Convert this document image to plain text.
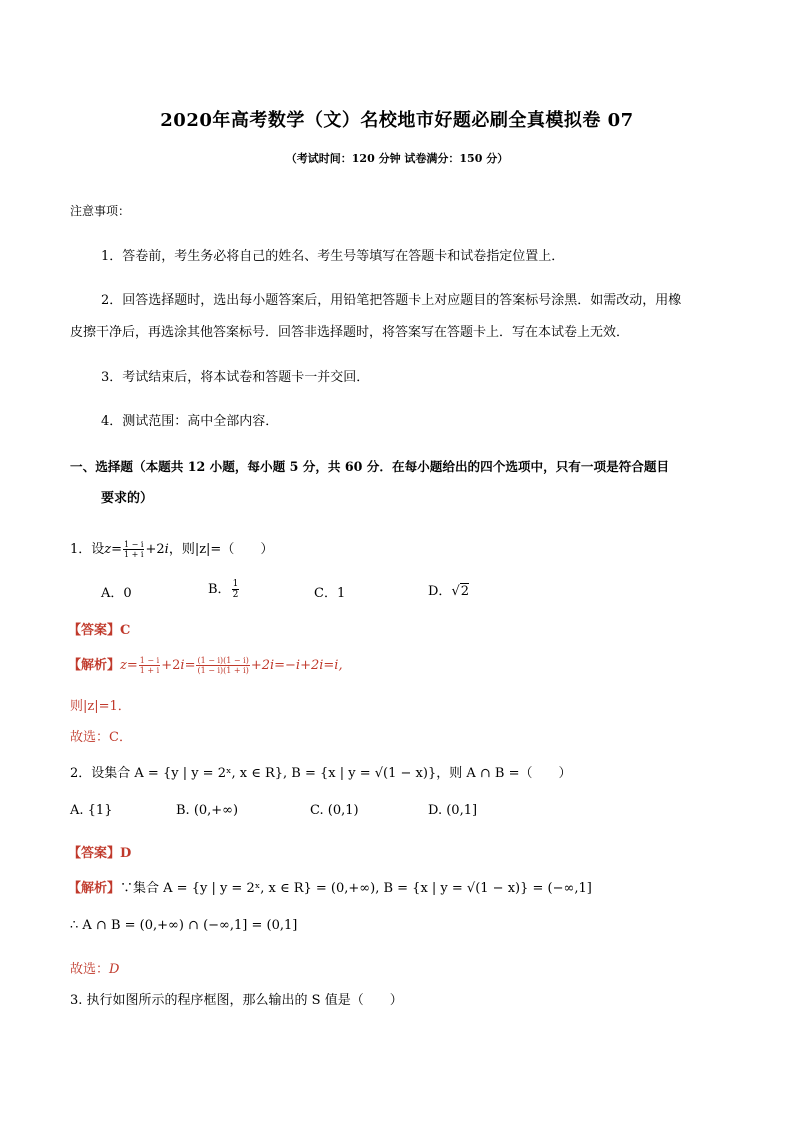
2020年高考数学（文）名校地市好题必刷全真模拟卷 07
（考试时间：120 分钟 试卷满分：150 分）
注意事项：
1．答卷前，考生务必将自己的姓名、考生号等填写在答题卡和试卷指定位置上．
2．回答选择题时，选出每小题答案后，用铅笔把答题卡上对应题目的答案标号涂黑．如需改动，用橡
皮擦干净后，再选涂其他答案标号．回答非选择题时，将答案写在答题卡上．写在本试卷上无效．
3．考试结束后，将本试卷和答题卡一并交回．
4．测试范围：高中全部内容．
一、选择题（本题共 12 小题，每小题 5 分，共 60 分．在每小题给出的四个选项中，只有一项是符合题目
要求的）
1．设$z= \frac{1 - i}{1 + i} +2i$，则|z|=（　　）
A．0	B． $\frac{1}{2}$	C．1	D．√2
【答案】C
【解析】$z= \frac{1 - i}{1 + i} +2i= \frac{(1 - i)(1 - i)}{(1 - i)(1 + i)} +2i=-i+2i=i$,
则|z|=1．
故选：C．
2．设集合 A = {y | y = 2ˣ, x ∈ R}, B = {x | y = √(1 − x)}，则 A ∩ B =（　　）
A. {1}	B. (0,+∞)	C. (0,1)	D. (0,1]
【答案】D
【解析】∵集合 A = {y | y = 2ˣ, x ∈ R} = (0,+∞), B = {x | y = √(1 − x)} = (−∞,1]
∴ A ∩ B = (0,+∞) ∩ (−∞,1] = (0,1]
故选：D
3. 执行如图所示的程序框图，那么输出的 S 值是（　　）
